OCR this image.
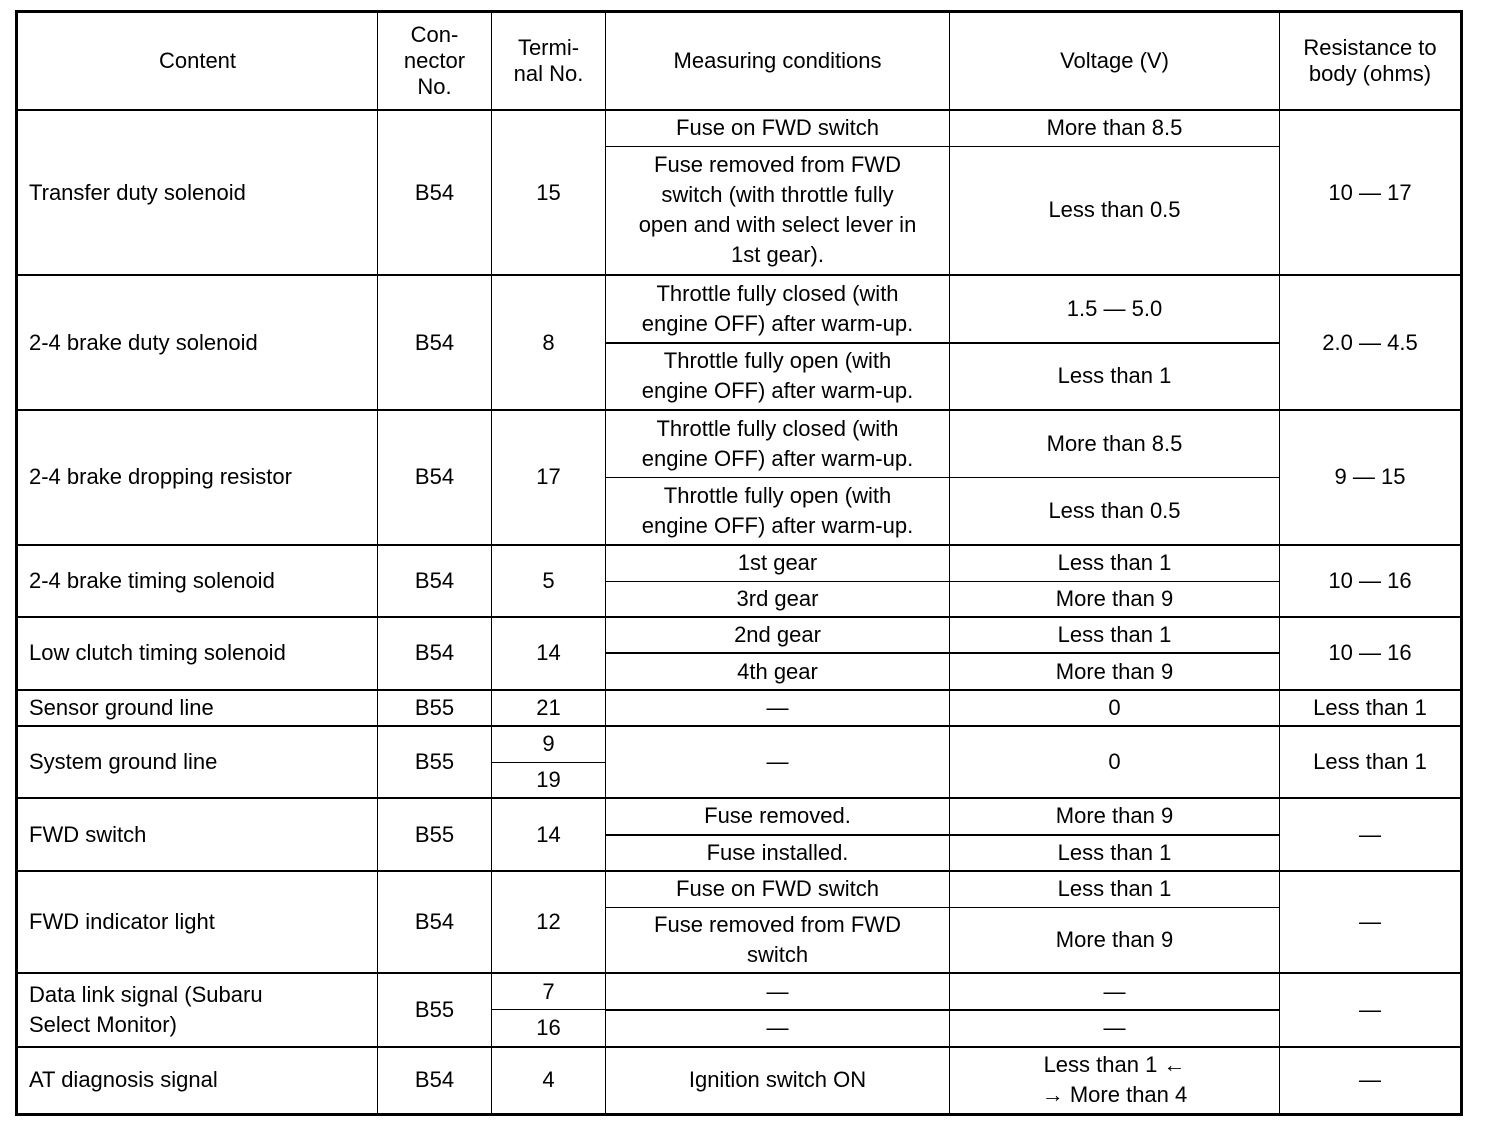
Content	Con-
nector
No.	Termi-
nal No.	Measuring conditions	Voltage (V)	Resistance to
body (ohms)
Transfer duty solenoid	B54	15	Fuse on FWD switch	More than 8.5	10 — 17
			Fuse removed from FWD
switch (with throttle fully
open and with select lever in
1st gear).	Less than 0.5	
2-4 brake duty solenoid	B54	8	Throttle fully closed (with
engine OFF) after warm-up.	1.5 — 5.0	2.0 — 4.5
			Throttle fully open (with
engine OFF) after warm-up.	Less than 1	
2-4 brake dropping resistor	B54	17	Throttle fully closed (with
engine OFF) after warm-up.	More than 8.5	9 — 15
			Throttle fully open (with
engine OFF) after warm-up.	Less than 0.5	
2-4 brake timing solenoid	B54	5	1st gear	Less than 1	10 — 16
			3rd gear	More than 9	
Low clutch timing solenoid	B54	14	2nd gear	Less than 1	10 — 16
			4th gear	More than 9	
Sensor ground line	B55	21	—	0	Less than 1
System ground line	B55	9	—	0	Less than 1
		19			
FWD switch	B55	14	Fuse removed.	More than 9	—
			Fuse installed.	Less than 1	
FWD indicator light	B54	12	Fuse on FWD switch	Less than 1	—
			Fuse removed from FWD
switch	More than 9	
Data link signal (Subaru
Select Monitor)	B55	7	—	—	—
		16	—	—	
AT diagnosis signal	B54	4	Ignition switch ON	Less than 1 ←
→ More than 4	—
